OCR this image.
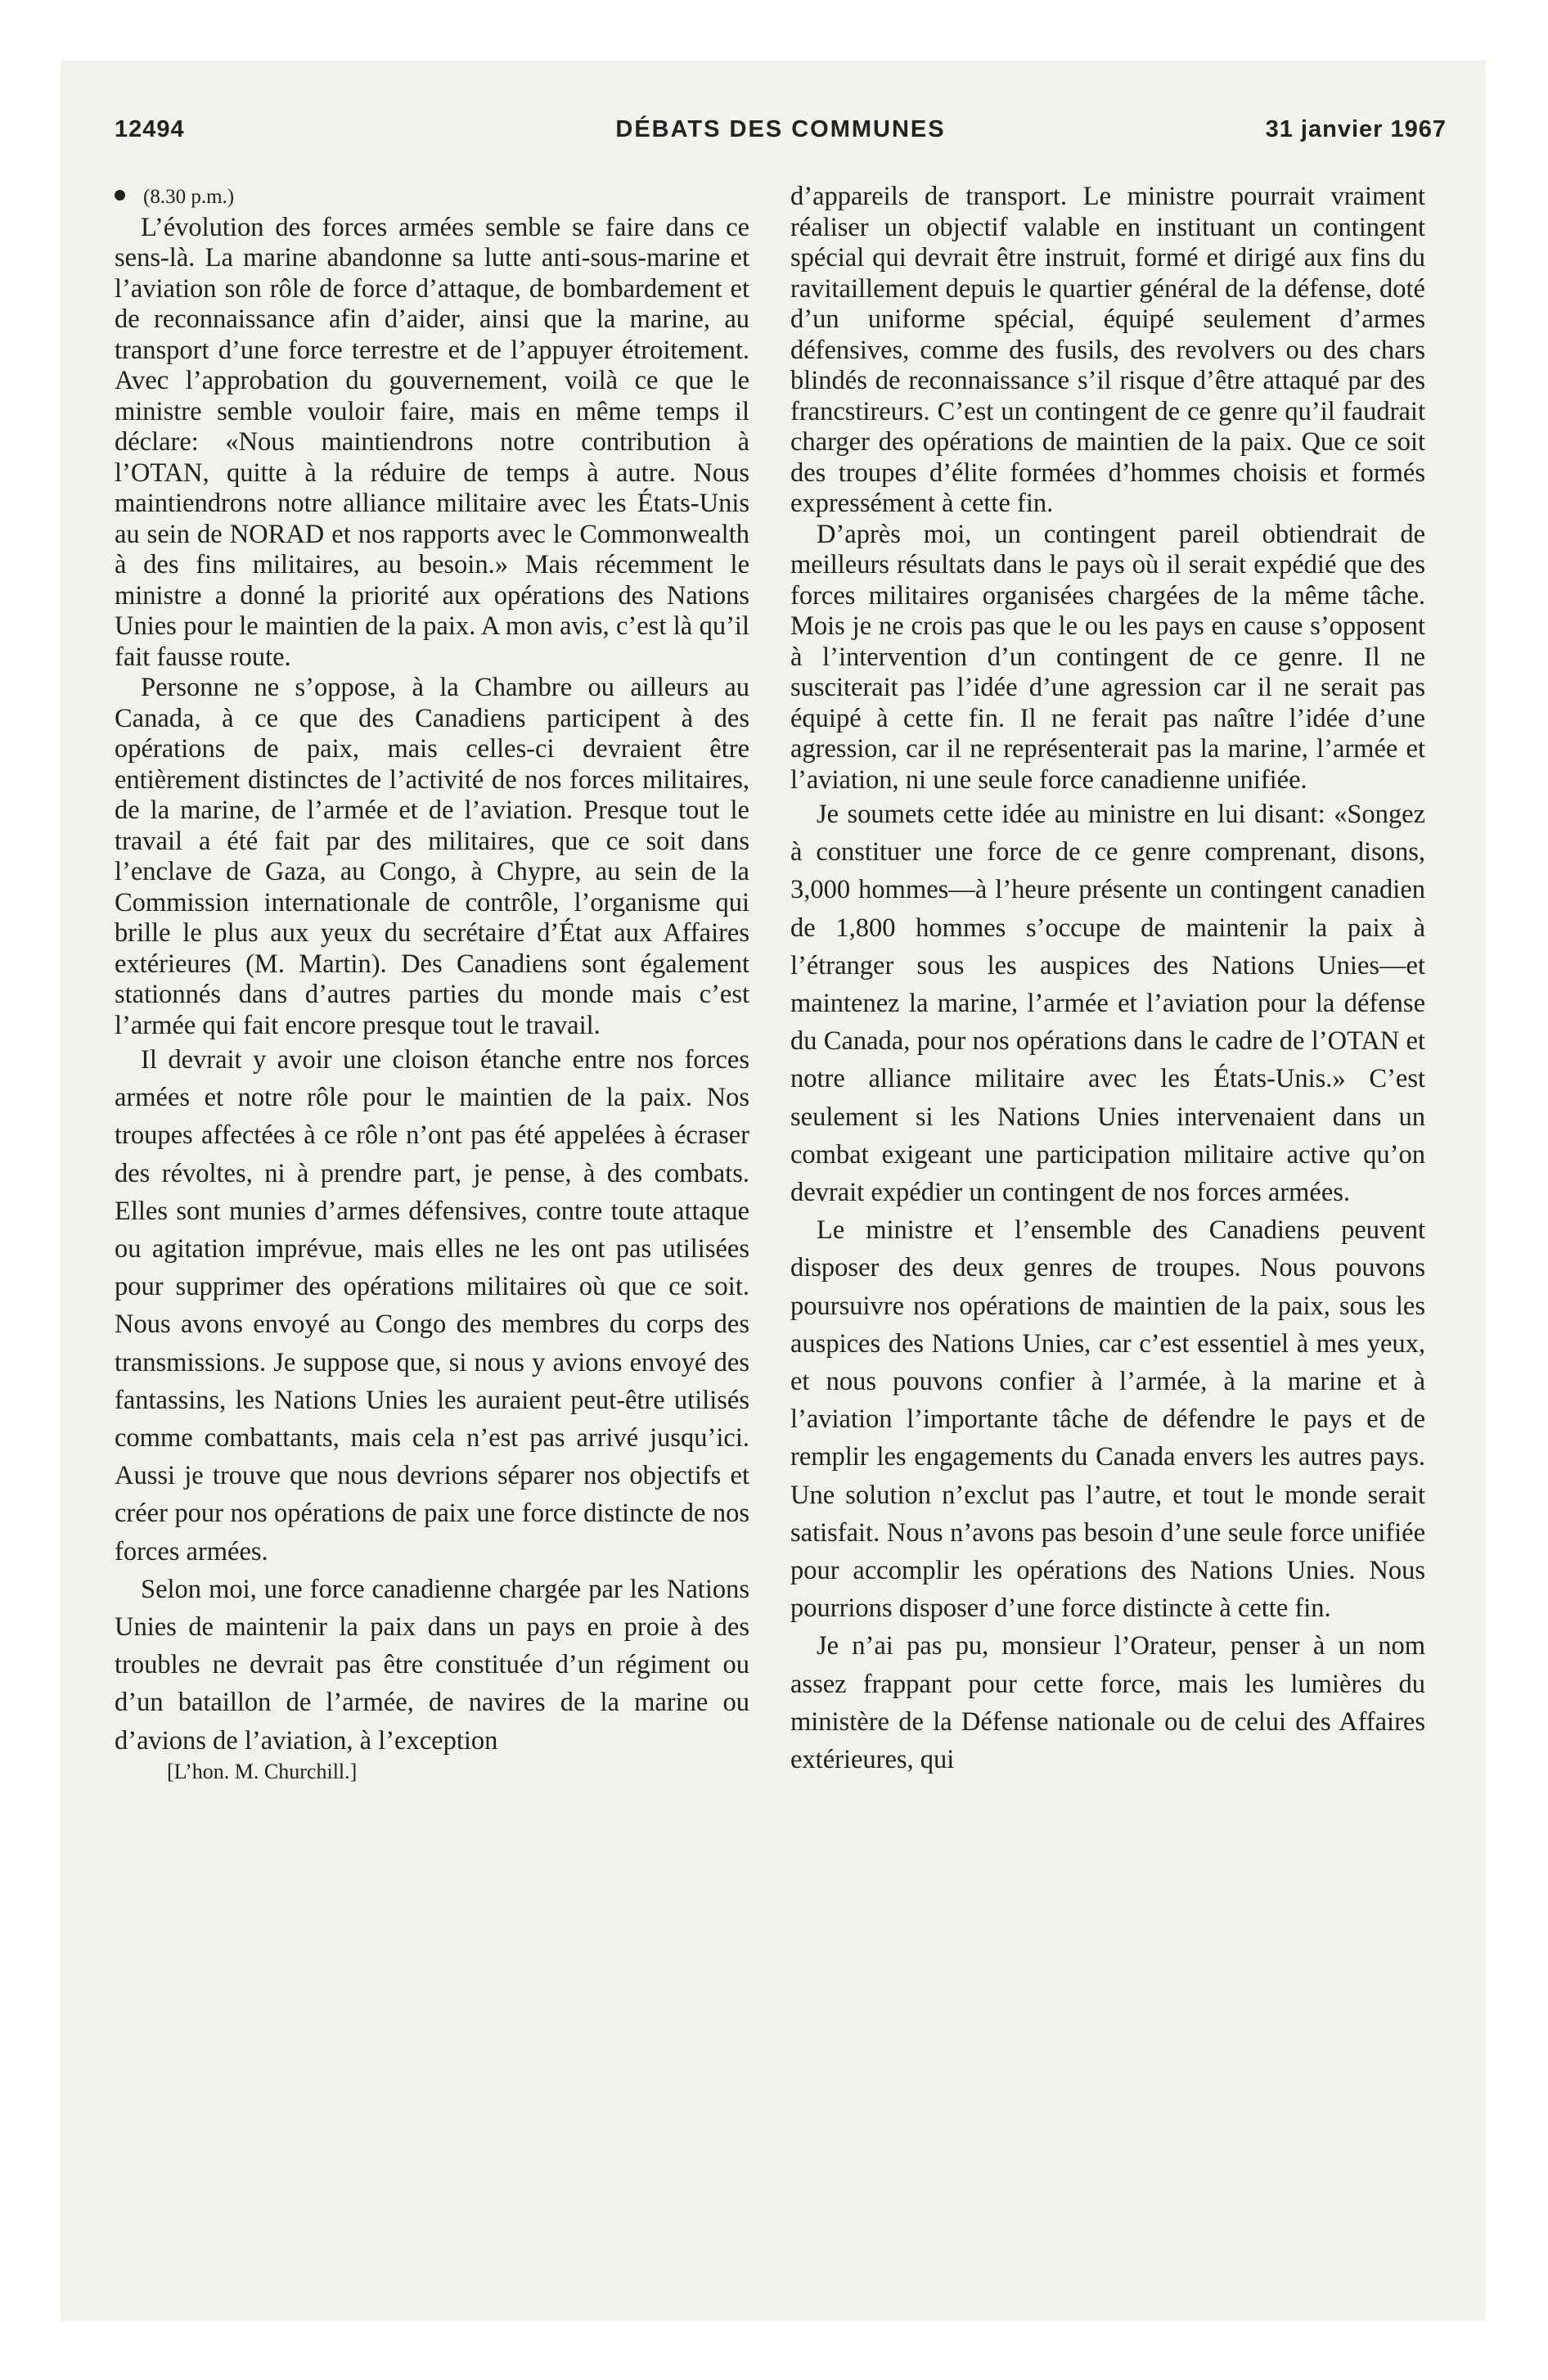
12494	DÉBATS DES COMMUNES	31 janvier 1967
(8.30 p.m.)

L’évolution des forces armées semble se faire dans ce sens-là. La marine abandonne sa lutte anti-sous-marine et l’aviation son rôle de force d’attaque, de bombardement et de reconnaissance afin d’aider, ainsi que la marine, au transport d’une force terrestre et de l’appuyer étroitement. Avec l’approbation du gouvernement, voilà ce que le ministre semble vouloir faire, mais en même temps il déclare: «Nous maintiendrons notre contribution à l’OTAN, quitte à la réduire de temps à autre. Nous maintiendrons notre alliance militaire avec les États-Unis au sein de NORAD et nos rapports avec le Commonwealth à des fins militaires, au besoin.» Mais récemment le ministre a donné la priorité aux opérations des Nations Unies pour le maintien de la paix. A mon avis, c’est là qu’il fait fausse route.

Personne ne s’oppose, à la Chambre ou ailleurs au Canada, à ce que des Canadiens participent à des opérations de paix, mais celles-ci devraient être entièrement distinctes de l’activité de nos forces militaires, de la marine, de l’armée et de l’aviation. Presque tout le travail a été fait par des militaires, que ce soit dans l’enclave de Gaza, au Congo, à Chypre, au sein de la Commission internationale de contrôle, l’organisme qui brille le plus aux yeux du secrétaire d’État aux Affaires extérieures (M. Martin). Des Canadiens sont également stationnés dans d’autres parties du monde mais c’est l’armée qui fait encore presque tout le travail.

Il devrait y avoir une cloison étanche entre nos forces armées et notre rôle pour le maintien de la paix. Nos troupes affectées à ce rôle n’ont pas été appelées à écraser des révoltes, ni à prendre part, je pense, à des combats. Elles sont munies d’armes défensives, contre toute attaque ou agitation imprévue, mais elles ne les ont pas utilisées pour supprimer des opérations militaires où que ce soit. Nous avons envoyé au Congo des membres du corps des transmissions. Je suppose que, si nous y avions envoyé des fantassins, les Nations Unies les auraient peut-être utilisés comme combattants, mais cela n’est pas arrivé jusqu’ici. Aussi je trouve que nous devrions séparer nos objectifs et créer pour nos opérations de paix une force distincte de nos forces armées.

Selon moi, une force canadienne chargée par les Nations Unies de maintenir la paix dans un pays en proie à des troubles ne devrait pas être constituée d’un régiment ou d’un bataillon de l’armée, de navires de la marine ou d’avions de l’aviation, à l’exception

[L’hon. M. Churchill.]

d’appareils de transport. Le ministre pourrait vraiment réaliser un objectif valable en instituant un contingent spécial qui devrait être instruit, formé et dirigé aux fins du ravitaillement depuis le quartier général de la défense, doté d’un uniforme spécial, équipé seulement d’armes défensives, comme des fusils, des revolvers ou des chars blindés de reconnaissance s’il risque d’être attaqué par des francstireurs. C’est un contingent de ce genre qu’il faudrait charger des opérations de maintien de la paix. Que ce soit des troupes d’élite formées d’hommes choisis et formés expressément à cette fin.

D’après moi, un contingent pareil obtiendrait de meilleurs résultats dans le pays où il serait expédié que des forces militaires organisées chargées de la même tâche. Mois je ne crois pas que le ou les pays en cause s’opposent à l’intervention d’un contingent de ce genre. Il ne susciterait pas l’idée d’une agression car il ne serait pas équipé à cette fin. Il ne ferait pas naître l’idée d’une agression, car il ne représenterait pas la marine, l’armée et l’aviation, ni une seule force canadienne unifiée.

Je soumets cette idée au ministre en lui disant: «Songez à constituer une force de ce genre comprenant, disons, 3,000 hommes—à l’heure présente un contingent canadien de 1,800 hommes s’occupe de maintenir la paix à l’étranger sous les auspices des Nations Unies—et maintenez la marine, l’armée et l’aviation pour la défense du Canada, pour nos opérations dans le cadre de l’OTAN et notre alliance militaire avec les États-Unis.» C’est seulement si les Nations Unies intervenaient dans un combat exigeant une participation militaire active qu’on devrait expédier un contingent de nos forces armées.

Le ministre et l’ensemble des Canadiens peuvent disposer des deux genres de troupes. Nous pouvons poursuivre nos opérations de maintien de la paix, sous les auspices des Nations Unies, car c’est essentiel à mes yeux, et nous pouvons confier à l’armée, à la marine et à l’aviation l’importante tâche de défendre le pays et de remplir les engagements du Canada envers les autres pays. Une solution n’exclut pas l’autre, et tout le monde serait satisfait. Nous n’avons pas besoin d’une seule force unifiée pour accomplir les opérations des Nations Unies. Nous pourrions disposer d’une force distincte à cette fin.

Je n’ai pas pu, monsieur l’Orateur, penser à un nom assez frappant pour cette force, mais les lumières du ministère de la Défense nationale ou de celui des Affaires extérieures, qui
